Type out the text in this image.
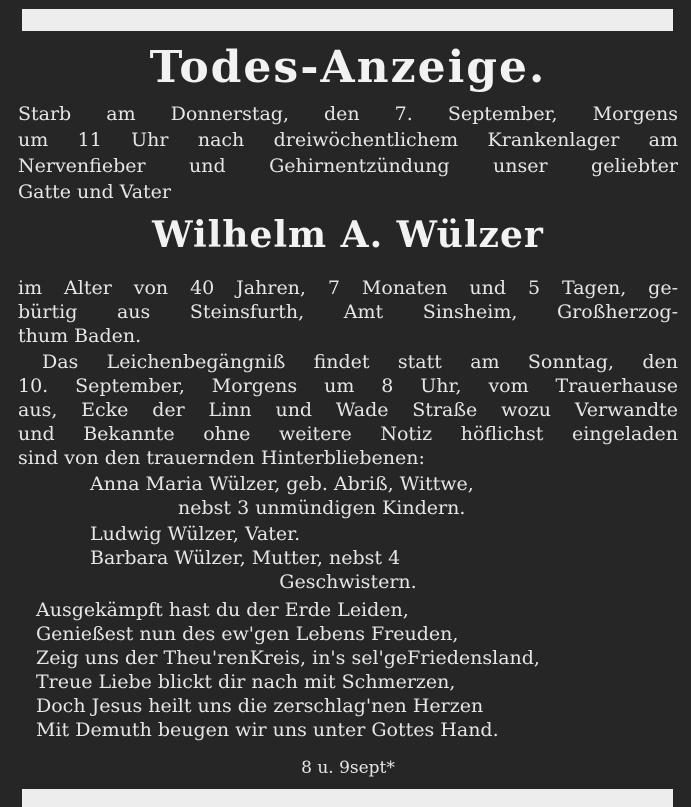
Todes-Anzeige.
Starb am Donnerstag, den 7. September, Morgens
um 11 Uhr nach dreiwöchentlichem Krankenlager am
Nervenfieber und Gehirnentzündung unser geliebter
Gatte und Vater
Wilhelm A. Wülzer
im Alter von 40 Jahren, 7 Monaten und 5 Tagen, ge-
bürtig aus Steinsfurth, Amt Sinsheim, Großherzog-
thum Baden.
Das Leichenbegängniß findet statt am Sonntag, den
10. September, Morgens um 8 Uhr, vom Trauerhause
aus, Ecke der Linn und Wade Straße wozu Verwandte
und Bekannte ohne weitere Notiz höflichst eingeladen
sind von den trauernden Hinterbliebenen:
Anna Maria Wülzer, geb. Abriß, Wittwe,
nebst 3 unmündigen Kindern.
Ludwig Wülzer, Vater.
Barbara Wülzer, Mutter, nebst 4
Geschwistern.
Ausgekämpft hast du der Erde Leiden,
Genießest nun des ew'gen Lebens Freuden,
Zeig uns der Theu'renKreis, in's sel'geFriedensland,
Treue Liebe blickt dir nach mit Schmerzen,
Doch Jesus heilt uns die zerschlag'nen Herzen
Mit Demuth beugen wir uns unter Gottes Hand.
8 u. 9sept*
